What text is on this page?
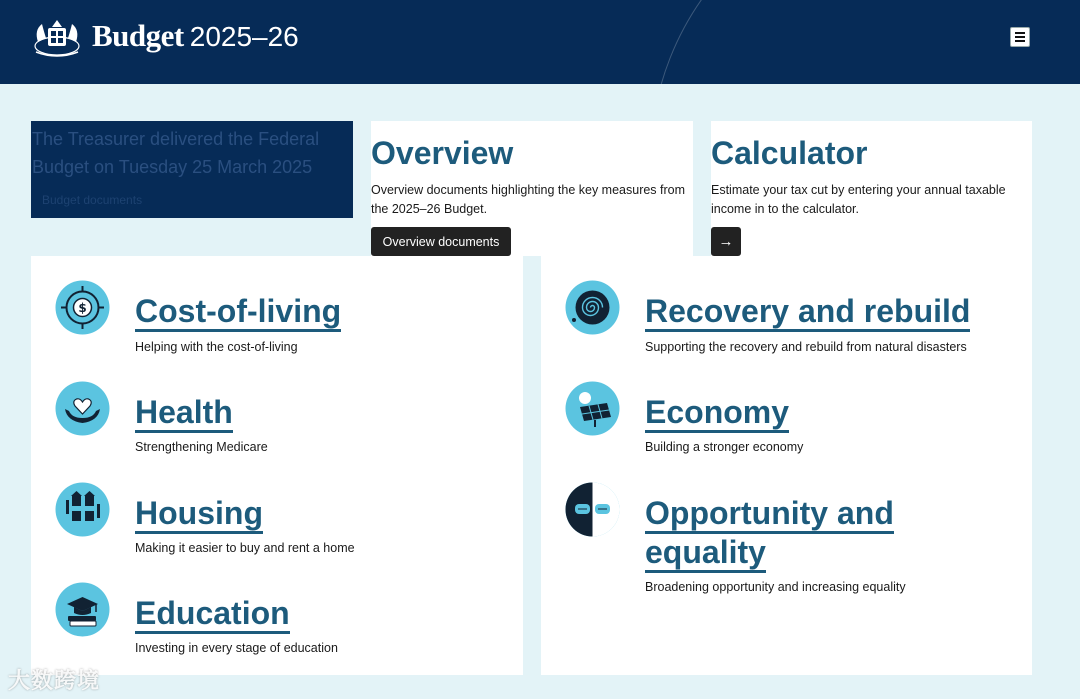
Budget 2025–26

The Treasurer delivered the Federal Budget on Tuesday 25 March 2025

Budget documents
Overview

Overview documents highlighting the key measures from the 2025–26 Budget.

Overview documents
Calculator

Estimate your tax cut by entering your annual taxable income in to the calculator.

→
$ Cost-of-living

Helping with the cost-of-living

Health

Strengthening Medicare

Housing

Making it easier to buy and rent a home

Education

Investing in every stage of education

Recovery and rebuild

Supporting the recovery and rebuild from natural disasters

Economy

Building a stronger economy

Opportunity and equality

Broadening opportunity and increasing equality

大数跨境
